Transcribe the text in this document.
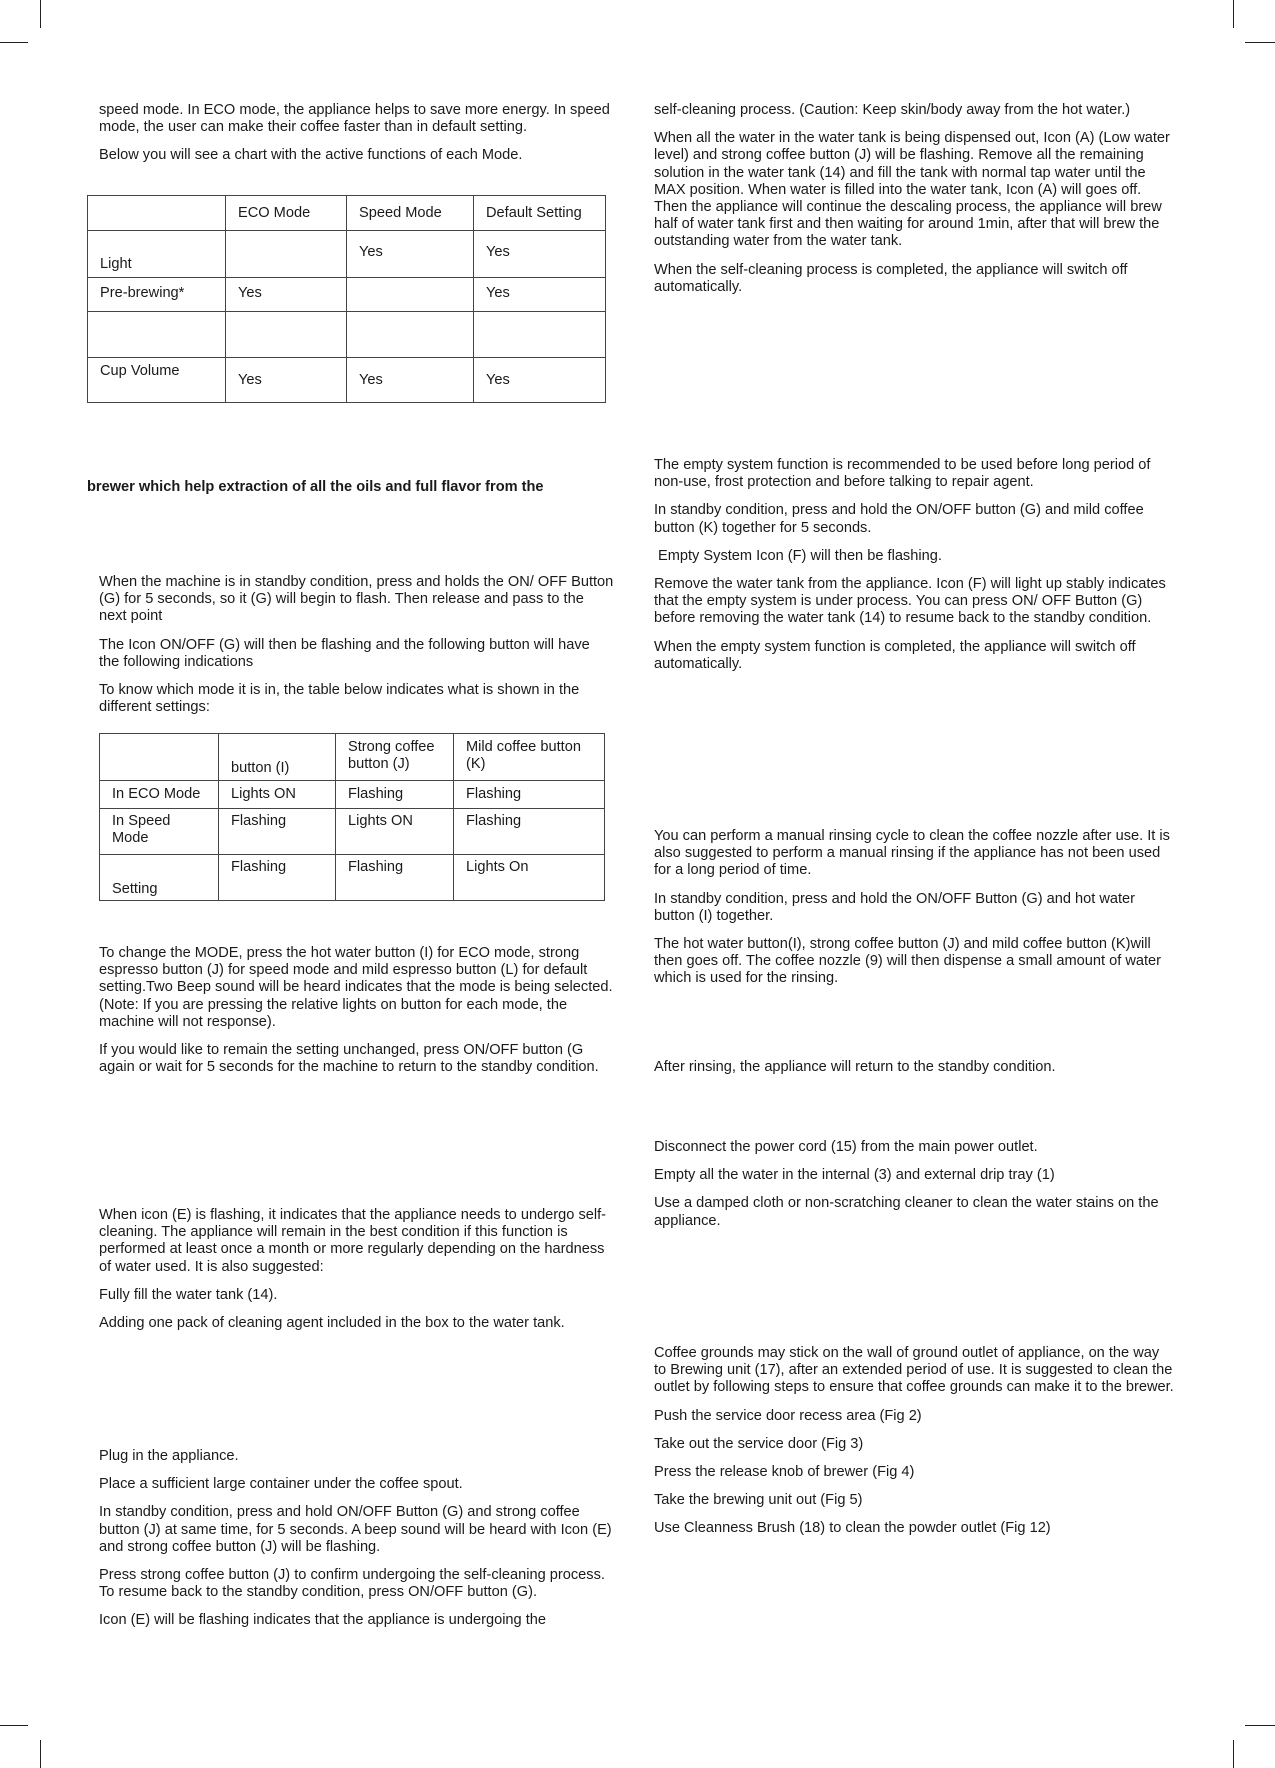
speed mode. In ECO mode, the appliance helps to save more energy. In speed mode, the user can make their coffee faster than in default setting.

Below you will see a chart with the active functions of each Mode.

	ECO Mode	Speed Mode	Default Setting
Light		Yes	Yes
Pre-brewing*	Yes		Yes

Cup Volume	Yes	Yes	Yes

brewer which help extraction of all the oils and full flavor from the

When the machine is in standby condition, press and holds the ON/ OFF Button (G) for 5 seconds, so it (G) will begin to flash. Then release and pass to the next point

The Icon ON/OFF (G) will then be flashing and the following button will have the following indications

To know which mode it is in, the table below indicates what is shown in the different settings:

	button (I)	Strong coffee button (J)	Mild coffee button (K)
In ECO Mode	Lights ON	Flashing	Flashing
In Speed Mode	Flashing	Lights ON	Flashing
Setting	Flashing	Flashing	Lights On

To change the MODE, press the hot water button (I) for ECO mode, strong espresso button (J) for speed mode and mild espresso button (L) for default setting.Two Beep sound will be heard indicates that the mode is being selected. (Note: If you are pressing the relative lights on button for each mode, the machine will not response).

If you would like to remain the setting unchanged, press ON/OFF button (G again or wait for 5 seconds for the machine to return to the standby condition.

When icon (E) is flashing, it indicates that the appliance needs to undergo self-cleaning. The appliance will remain in the best condition if this function is performed at least once a month or more regularly depending on the hardness of water used. It is also suggested:

Fully fill the water tank (14).

Adding one pack of cleaning agent included in the box to the water tank.

Plug in the appliance.

Place a sufficient large container under the coffee spout.

In standby condition, press and hold ON/OFF Button (G) and strong coffee button (J) at same time, for 5 seconds. A beep sound will be heard with Icon (E) and strong coffee button (J) will be flashing.

Press strong coffee button (J) to confirm undergoing the self-cleaning process. To resume back to the standby condition, press ON/OFF button (G).

Icon (E) will be flashing indicates that the appliance is undergoing the

self-cleaning process. (Caution: Keep skin/body away from the hot water.)

When all the water in the water tank is being dispensed out, Icon (A) (Low water level) and strong coffee button (J) will be flashing. Remove all the remaining solution in the water tank (14) and fill the tank with normal tap water until the MAX position. When water is filled into the water tank, Icon (A) will goes off. Then the appliance will continue the descaling process, the appliance will brew half of water tank first and then waiting for around 1min, after that will brew the outstanding water from the water tank.

When the self-cleaning process is completed, the appliance will switch off automatically.

The empty system function is recommended to be used before long period of non-use, frost protection and before talking to repair agent.

In standby condition, press and hold the ON/OFF button (G) and mild coffee button (K) together for 5 seconds.

Empty System Icon (F) will then be flashing.

Remove the water tank from the appliance. Icon (F) will light up stably indicates that the empty system is under process. You can press ON/ OFF Button (G) before removing the water tank (14) to resume back to the standby condition.

When the empty system function is completed, the appliance will switch off automatically.

You can perform a manual rinsing cycle to clean the coffee nozzle after use. It is also suggested to perform a manual rinsing if the appliance has not been used for a long period of time.

In standby condition, press and hold the ON/OFF Button (G) and hot water button (I) together.

The hot water button(I), strong coffee button (J) and mild coffee button (K)will then goes off. The coffee nozzle (9) will then dispense a small amount of water which is used for the rinsing.

After rinsing, the appliance will return to the standby condition.

Disconnect the power cord (15) from the main power outlet.

Empty all the water in the internal (3) and external drip tray (1)

Use a damped cloth or non-scratching cleaner to clean the water stains on the appliance.

Coffee grounds may stick on the wall of ground outlet of appliance, on the way to Brewing unit (17), after an extended period of use. It is suggested to clean the outlet by following steps to ensure that coffee grounds can make it to the brewer.

Push the service door recess area (Fig 2)

Take out the service door (Fig 3)

Press the release knob of brewer (Fig 4)

Take the brewing unit out (Fig 5)

Use Cleanness Brush (18) to clean the powder outlet (Fig 12)
